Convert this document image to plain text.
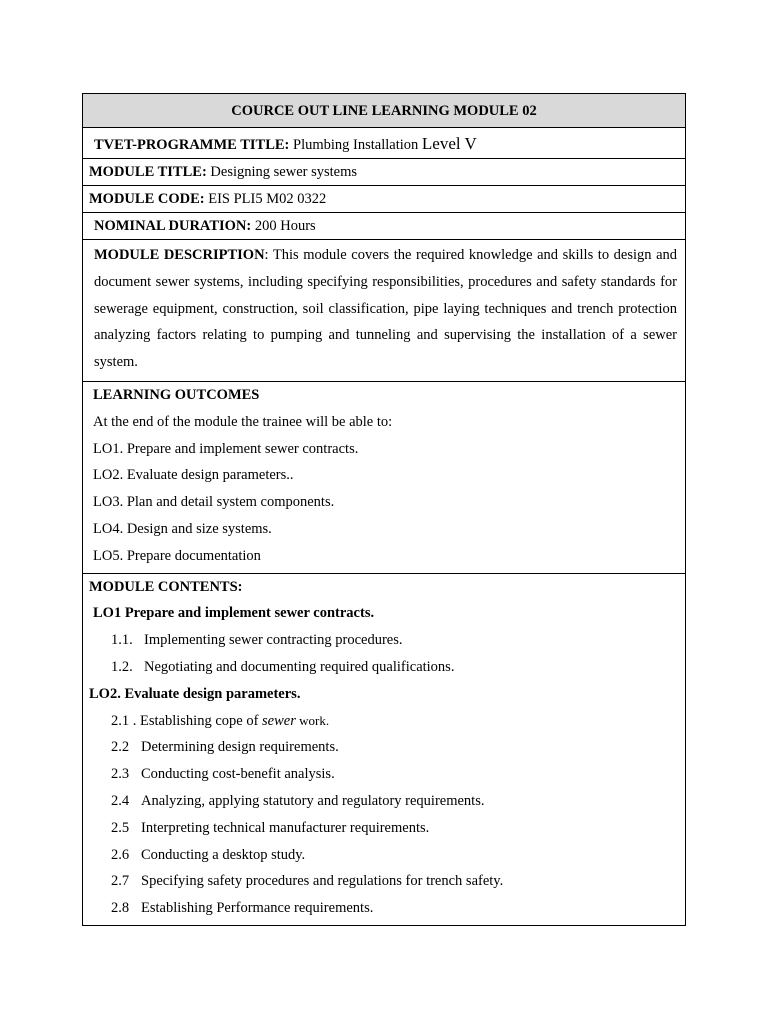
COURCE OUT LINE LEARNING MODULE 02
TVET-PROGRAMME TITLE: Plumbing Installation Level V
MODULE TITLE: Designing sewer systems
MODULE CODE: EIS PLI5 M02 0322
NOMINAL DURATION: 200 Hours
MODULE DESCRIPTION: This module covers the required knowledge and skills to design and document sewer systems, including specifying responsibilities, procedures and safety standards for sewerage equipment, construction, soil classification, pipe laying techniques and trench protection analyzing factors relating to pumping and tunneling and supervising the installation of a sewer system.
LEARNING OUTCOMES
At the end of the module the trainee will be able to:
LO1. Prepare and implement sewer contracts.
LO2. Evaluate design parameters..
LO3. Plan and detail system components.
LO4. Design and size systems.
LO5. Prepare documentation
MODULE CONTENTS:
LO1 Prepare and implement sewer contracts.
1.1. Implementing sewer contracting procedures.
1.2. Negotiating and documenting required qualifications.
LO2. Evaluate design parameters.
2.1 . Establishing cope of sewer work.
2.2 Determining design requirements.
2.3 Conducting cost-benefit analysis.
2.4 Analyzing, applying statutory and regulatory requirements.
2.5 Interpreting technical manufacturer requirements.
2.6 Conducting a desktop study.
2.7 Specifying safety procedures and regulations for trench safety.
2.8 Establishing Performance requirements.
